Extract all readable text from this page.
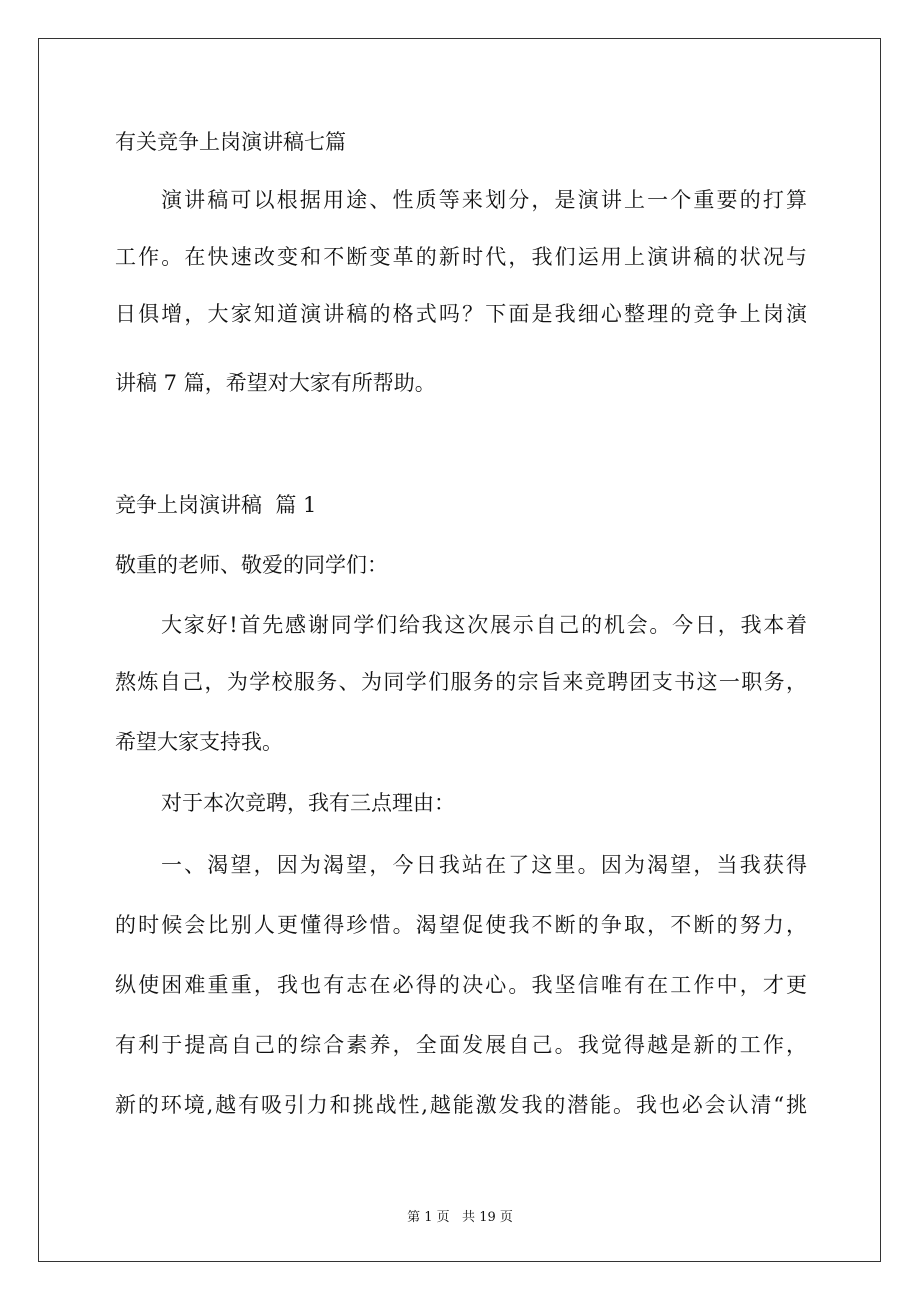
有关竞争上岗演讲稿七篇
演讲稿可以根据用途、性质等来划分，是演讲上一个重要的打算
工作。在快速改变和不断变革的新时代，我们运用上演讲稿的状况与
日俱增，大家知道演讲稿的格式吗？下面是我细心整理的竞争上岗演
讲稿 7 篇，希望对大家有所帮助。
竞争上岗演讲稿  篇 1
敬重的老师、敬爱的同学们：
大家好!首先感谢同学们给我这次展示自己的机会。今日，我本着
熬炼自己，为学校服务、为同学们服务的宗旨来竞聘团支书这一职务，
希望大家支持我。
对于本次竞聘，我有三点理由：
一、渴望，因为渴望，今日我站在了这里。因为渴望，当我获得
的时候会比别人更懂得珍惜。渴望促使我不断的争取，不断的努力，
纵使困难重重，我也有志在必得的决心。我坚信唯有在工作中，才更
有利于提高自己的综合素养，全面发展自己。我觉得越是新的工作，
新的环境,越有吸引力和挑战性,越能激发我的潜能。我也必会认清“挑
第 1 页   共 19 页
